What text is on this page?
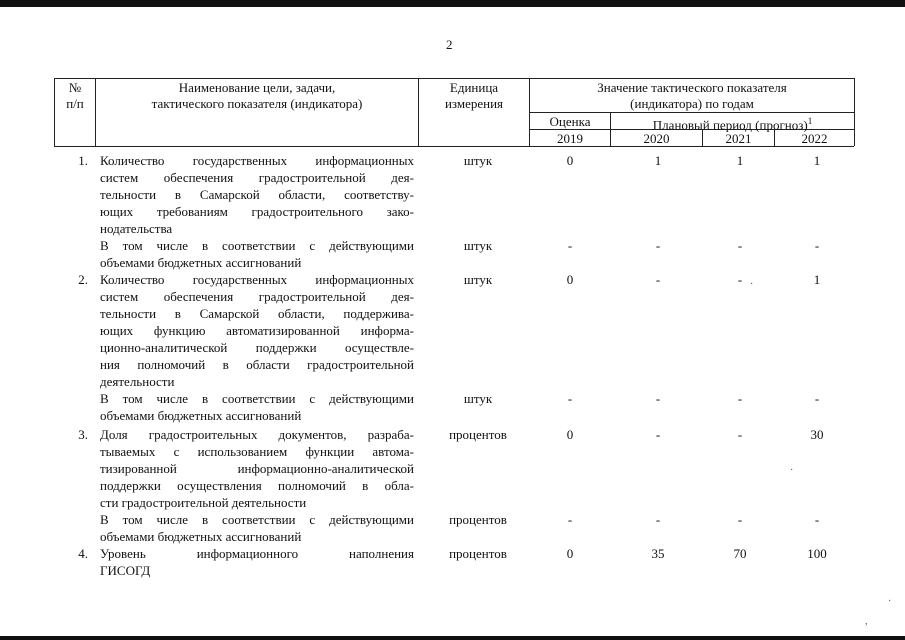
2
№
п/п
Наименование цели, задачи,
тактического показателя (индикатора)
Единица
измерения
Значение тактического показателя
(индикатора) по годам
Оценка	Плановый период (прогноз)$^1$
2019	2020	2021	2022
1. Количество государственных информационных
систем обеспечения градостроительной дея-
тельности в Самарской области, соответству-
ющих требованиям градостроительного зако-
нодательства
штук	0	1	1	1
В том числе в соответствии с действующими
объемами бюджетных ассигнований
штук	-	-	-	-
2. Количество государственных информационных
систем обеспечения градостроительной дея-
тельности в Самарской области, поддержива-
ющих функцию автоматизированной информа-
ционно-аналитической поддержки осуществле-
ния полномочий в области градостроительной
деятельности
штук	0	-	-	1
В том числе в соответствии с действующими
объемами бюджетных ассигнований
штук	-	-	-	-
3. Доля градостроительных документов, разраба-
тываемых с использованием функции автома-
тизированной информационно-аналитической
поддержки осуществления полномочий в обла-
сти градостроительной деятельности
процентов	0	-	-	30
В том числе в соответствии с действующими
объемами бюджетных ассигнований
процентов	-	-	-	-
4. Уровень информационного наполнения
ГИСОГД
процентов	0	35	70	100
·
·
·
,
